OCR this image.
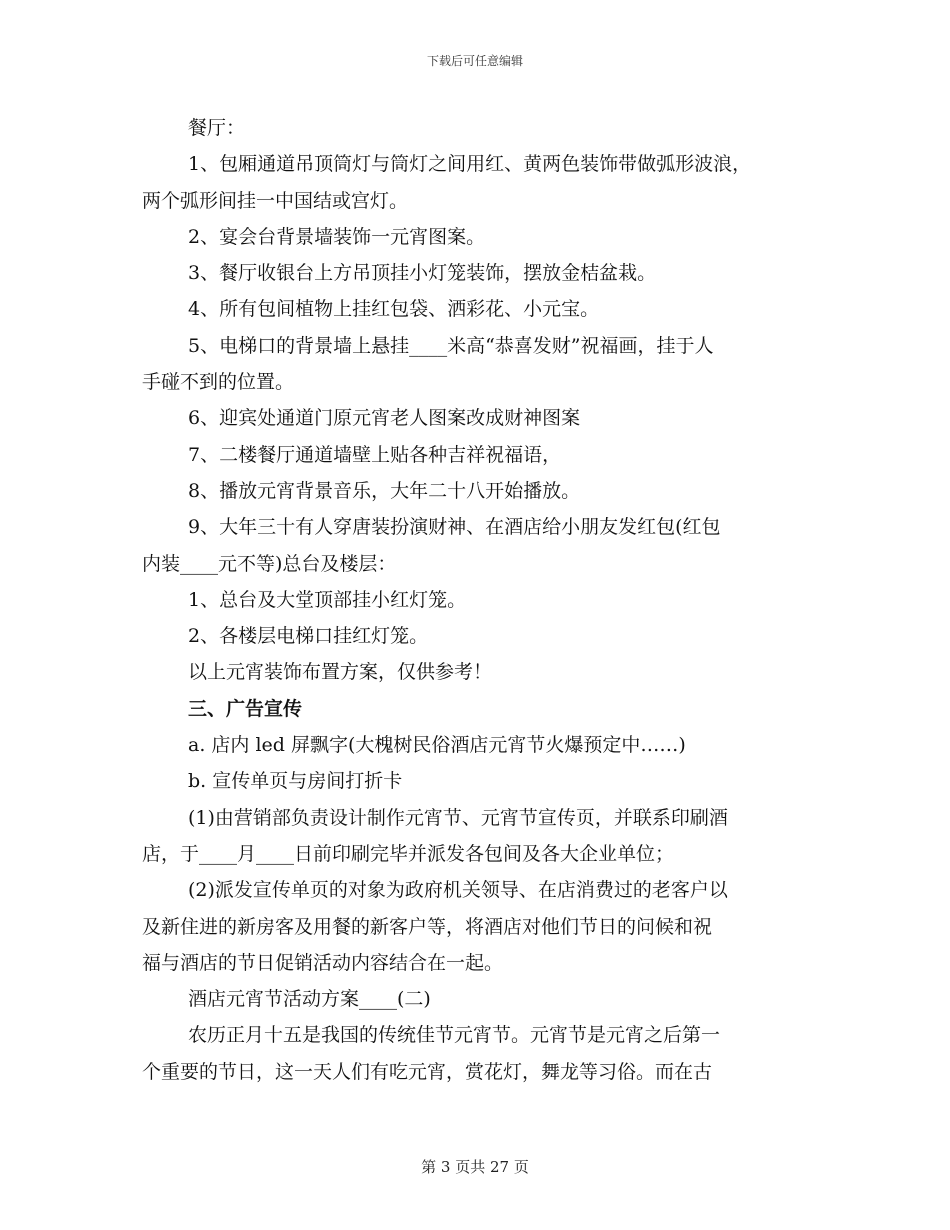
下载后可任意编辑
餐厅：
1、包厢通道吊顶筒灯与筒灯之间用红、黄两色装饰带做弧形波浪，
两个弧形间挂一中国结或宫灯。
2、宴会台背景墙装饰一元宵图案。
3、餐厅收银台上方吊顶挂小灯笼装饰，摆放金桔盆栽。
4、所有包间植物上挂红包袋、洒彩花、小元宝。
5、电梯口的背景墙上悬挂____米高“恭喜发财”祝福画，挂于人
手碰不到的位置。
6、迎宾处通道门原元宵老人图案改成财神图案
7、二楼餐厅通道墙壁上贴各种吉祥祝福语，
8、播放元宵背景音乐，大年二十八开始播放。
9、大年三十有人穿唐装扮演财神、在酒店给小朋友发红包(红包
内装____元不等)总台及楼层：
1、总台及大堂顶部挂小红灯笼。
2、各楼层电梯口挂红灯笼。
以上元宵装饰布置方案，仅供参考！
三、广告宣传
a. 店内 led 屏飘字(大槐树民俗酒店元宵节火爆预定中……)
b. 宣传单页与房间打折卡
(1)由营销部负责设计制作元宵节、元宵节宣传页，并联系印刷酒
店，于____月____日前印刷完毕并派发各包间及各大企业单位；
(2)派发宣传单页的对象为政府机关领导、在店消费过的老客户以
及新住进的新房客及用餐的新客户等，将酒店对他们节日的问候和祝
福与酒店的节日促销活动内容结合在一起。
酒店元宵节活动方案____(二)
农历正月十五是我国的传统佳节元宵节。元宵节是元宵之后第一
个重要的节日，这一天人们有吃元宵，赏花灯，舞龙等习俗。而在古
第 3 页共 27 页
